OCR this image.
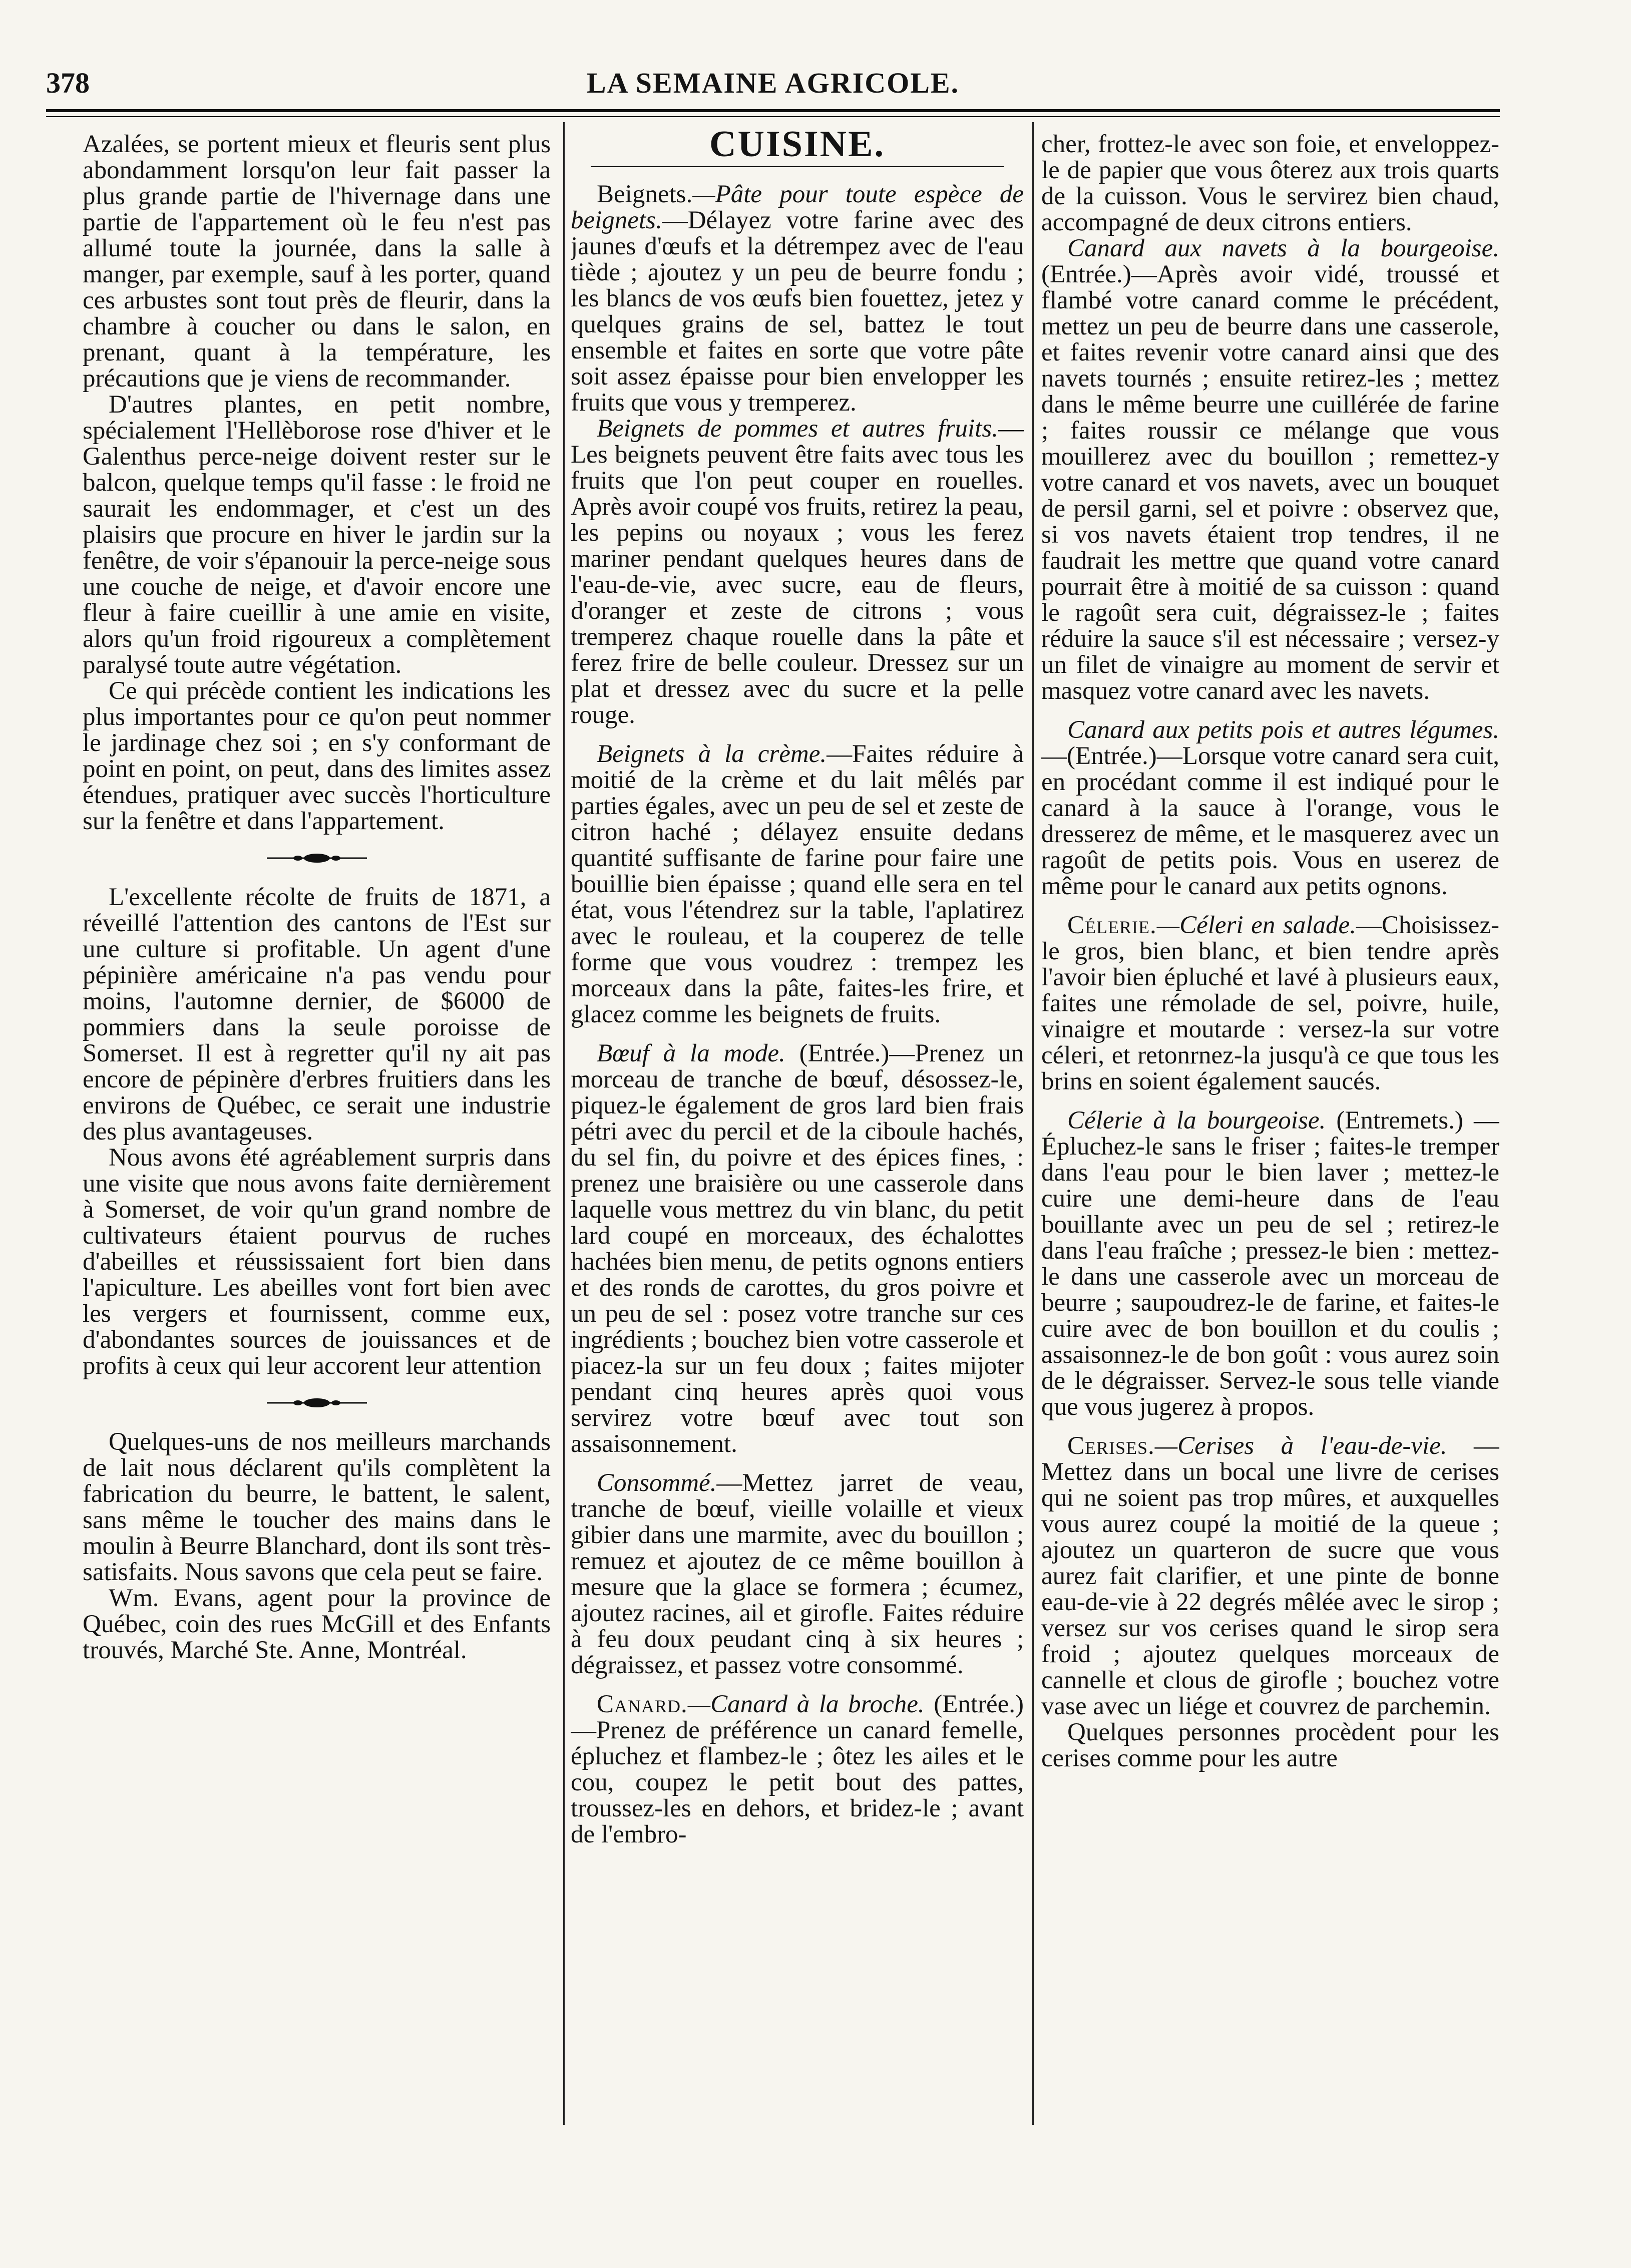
378	LA SEMAINE AGRICOLE.

Azalées, se portent mieux et fleuris sent plus abondamment lorsqu'on leur fait passer la plus grande partie de l'hivernage dans une partie de l'appartement où le feu n'est pas allumé toute la journée, dans la salle à manger, par exemple, sauf à les porter, quand ces arbustes sont tout près de fleurir, dans la chambre à coucher ou dans le salon, en prenant, quant à la température, les précautions que je viens de recommander.

D'autres plantes, en petit nombre, spécialement l'Hellèborose rose d'hiver et le Galenthus perce-neige doivent rester sur le balcon, quelque temps qu'il fasse : le froid ne saurait les endommager, et c'est un des plaisirs que procure en hiver le jardin sur la fenêtre, de voir s'épanouir la perce-neige sous une couche de neige, et d'avoir encore une fleur à faire cueillir à une amie en visite, alors qu'un froid rigoureux a complètement paralysé toute autre végétation.

Ce qui précède contient les indications les plus importantes pour ce qu'on peut nommer le jardinage chez soi ; en s'y conformant de point en point, on peut, dans des limites assez étendues, pratiquer avec succès l'horticulture sur la fenêtre et dans l'appartement.

L'excellente récolte de fruits de 1871, a réveillé l'attention des cantons de l'Est sur une culture si profitable. Un agent d'une pépinière américaine n'a pas vendu pour moins, l'automne dernier, de $6000 de pommiers dans la seule poroisse de Somerset. Il est à regretter qu'il ny ait pas encore de pépinère d'erbres fruitiers dans les environs de Québec, ce serait une industrie des plus avantageuses.

Nous avons été agréablement surpris dans une visite que nous avons faite dernièrement à Somerset, de voir qu'un grand nombre de cultivateurs étaient pourvus de ruches d'abeilles et réussissaient fort bien dans l'apiculture. Les abeilles vont fort bien avec les vergers et fournissent, comme eux, d'abondantes sources de jouissances et de profits à ceux qui leur accorent leur attention

Quelques-uns de nos meilleurs marchands de lait nous déclarent qu'ils complètent la fabrication du beurre, le battent, le salent, sans même le toucher des mains dans le moulin à Beurre Blanchard, dont ils sont très-satisfaits. Nous savons que cela peut se faire.

Wm. Evans, agent pour la province de Québec, coin des rues McGill et des Enfants trouvés, Marché Ste. Anne, Montréal.

CUISINE.

Beignets.—Pâte pour toute espèce de beignets.—Délayez votre farine avec des jaunes d'œufs et la détrempez avec de l'eau tiède ; ajoutez y un peu de beurre fondu ; les blancs de vos œufs bien fouettez, jetez y quelques grains de sel, battez le tout ensemble et faites en sorte que votre pâte soit assez épaisse pour bien envelopper les fruits que vous y tremperez.

Beignets de pommes et autres fruits.—Les beignets peuvent être faits avec tous les fruits que l'on peut couper en rouelles. Après avoir coupé vos fruits, retirez la peau, les pepins ou noyaux ; vous les ferez mariner pendant quelques heures dans de l'eau-de-vie, avec sucre, eau de fleurs, d'oranger et zeste de citrons ; vous tremperez chaque rouelle dans la pâte et ferez frire de belle couleur. Dressez sur un plat et dressez avec du sucre et la pelle rouge.

Beignets à la crème.—Faites réduire à moitié de la crème et du lait mêlés par parties égales, avec un peu de sel et zeste de citron haché ; délayez ensuite dedans quantité suffisante de farine pour faire une bouillie bien épaisse ; quand elle sera en tel état, vous l'étendrez sur la table, l'aplatirez avec le rouleau, et la couperez de telle forme que vous voudrez : trempez les morceaux dans la pâte, faites-les frire, et glacez comme les beignets de fruits.

Bœuf à la mode. (Entrée.)—Prenez un morceau de tranche de bœuf, désossez-le, piquez-le également de gros lard bien frais pétri avec du percil et de la ciboule hachés, du sel fin, du poivre et des épices fines, : prenez une braisière ou une casserole dans laquelle vous mettrez du vin blanc, du petit lard coupé en morceaux, des échalottes hachées bien menu, de petits ognons entiers et des ronds de carottes, du gros poivre et un peu de sel : posez votre tranche sur ces ingrédients ; bouchez bien votre casserole et piacez-la sur un feu doux ; faites mijoter pendant cinq heures après quoi vous servirez votre bœuf avec tout son assaisonnement.

Consommé.—Mettez jarret de veau, tranche de bœuf, vieille volaille et vieux gibier dans une marmite, avec du bouillon ; remuez et ajoutez de ce même bouillon à mesure que la glace se formera ; écumez, ajoutez racines, ail et girofle. Faites réduire à feu doux peudant cinq à six heures ; dégraissez, et passez votre consommé.

Canard.—Canard à la broche. (Entrée.)—Prenez de préférence un canard femelle, épluchez et flambez-le ; ôtez les ailes et le cou, coupez le petit bout des pattes, troussez-les en dehors, et bridez-le ; avant de l'embro-

cher, frottez-le avec son foie, et enveloppez-le de papier que vous ôterez aux trois quarts de la cuisson. Vous le servirez bien chaud, accompagné de deux citrons entiers.

Canard aux navets à la bourgeoise. (Entrée.)—Après avoir vidé, troussé et flambé votre canard comme le précédent, mettez un peu de beurre dans une casserole, et faites revenir votre canard ainsi que des navets tournés ; ensuite retirez-les ; mettez dans le même beurre une cuillérée de farine ; faites roussir ce mélange que vous mouillerez avec du bouillon ; remettez-y votre canard et vos navets, avec un bouquet de persil garni, sel et poivre : observez que, si vos navets étaient trop tendres, il ne faudrait les mettre que quand votre canard pourrait être à moitié de sa cuisson : quand le ragoût sera cuit, dégraissez-le ; faites réduire la sauce s'il est nécessaire ; versez-y un filet de vinaigre au moment de servir et masquez votre canard avec les navets.

Canard aux petits pois et autres légumes. —(Entrée.)—Lorsque votre canard sera cuit, en procédant comme il est indiqué pour le canard à la sauce à l'orange, vous le dresserez de même, et le masquerez avec un ragoût de petits pois. Vous en userez de même pour le canard aux petits ognons.

Célerie.—Céleri en salade.—Choisissez-le gros, bien blanc, et bien tendre après l'avoir bien épluché et lavé à plusieurs eaux, faites une rémolade de sel, poivre, huile, vinaigre et moutarde : versez-la sur votre céleri, et retonrnez-la jusqu'à ce que tous les brins en soient également saucés.

Célerie à la bourgeoise. (Entremets.) —Épluchez-le sans le friser ; faites-le tremper dans l'eau pour le bien laver ; mettez-le cuire une demi-heure dans de l'eau bouillante avec un peu de sel ; retirez-le dans l'eau fraîche ; pressez-le bien : mettez-le dans une casserole avec un morceau de beurre ; saupoudrez-le de farine, et faites-le cuire avec de bon bouillon et du coulis ; assaisonnez-le de bon goût : vous aurez soin de le dégraisser. Servez-le sous telle viande que vous jugerez à propos.

Cerises.—Cerises à l'eau-de-vie. —Mettez dans un bocal une livre de cerises qui ne soient pas trop mûres, et auxquelles vous aurez coupé la moitié de la queue ; ajoutez un quarteron de sucre que vous aurez fait clarifier, et une pinte de bonne eau-de-vie à 22 degrés mêlée avec le sirop ; versez sur vos cerises quand le sirop sera froid ; ajoutez quelques morceaux de cannelle et clous de girofle ; bouchez votre vase avec un liége et couvrez de parchemin.

Quelques personnes procèdent pour les cerises comme pour les autre
